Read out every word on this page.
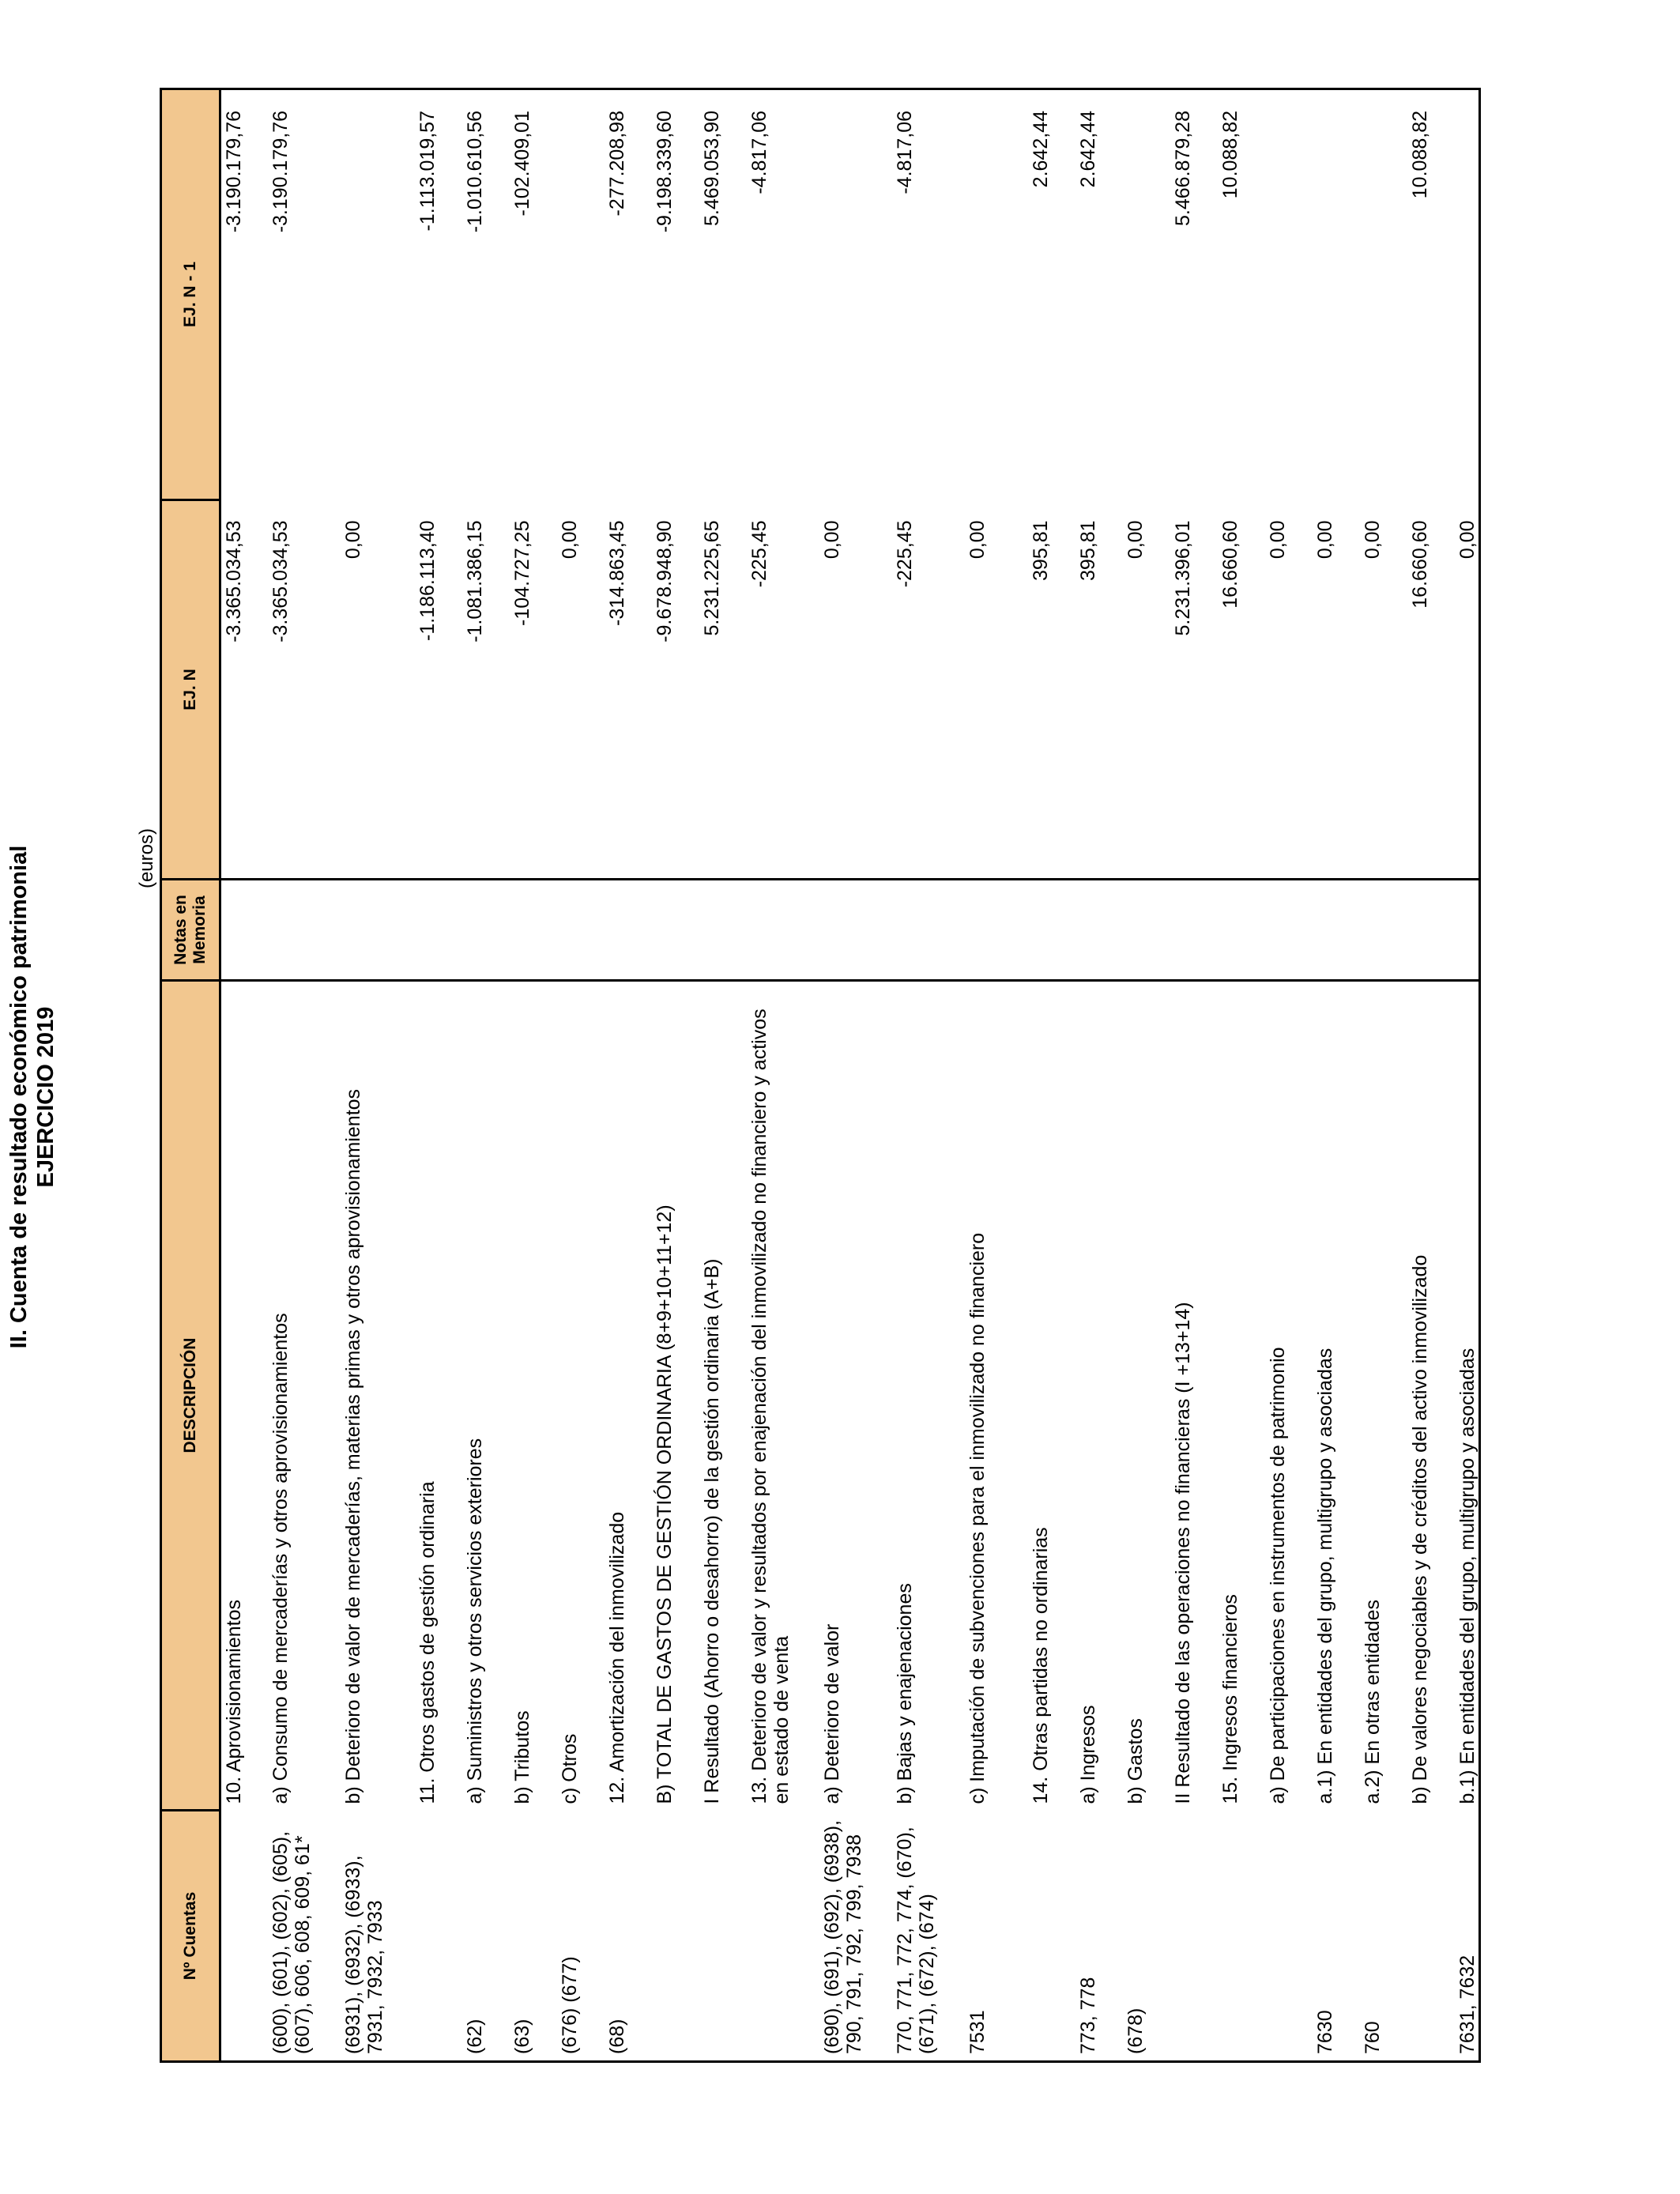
II. Cuenta de resultado económico patrimonial EJERCICIO 2019
(euros)
Nº Cuentas	DESCRIPCIÓN	Notas en Memoria	EJ. N	EJ. N - 1
	10. Aprovisionamientos		-3.365.034,53	-3.190.179,76
(600), (601), (602), (605), (607), 606, 608, 609, 61*	a) Consumo de mercaderías y otros aprovisionamientos		-3.365.034,53	-3.190.179,76
(6931), (6932), (6933), 7931, 7932, 7933	b) Deterioro de valor de mercaderías, materias primas y otros aprovisionamientos		0,00	
	11. Otros gastos de gestión ordinaria		-1.186.113,40	-1.113.019,57
(62)	a) Suministros y otros servicios exteriores		-1.081.386,15	-1.010.610,56
(63)	b) Tributos		-104.727,25	-102.409,01
(676) (677)	c) Otros		0,00	
(68)	12. Amortización del inmovilizado		-314.863,45	-277.208,98
	B) TOTAL DE GASTOS DE GESTIÓN ORDINARIA (8+9+10+11+12)		-9.678.948,90	-9.198.339,60
	I Resultado (Ahorro o desahorro) de la gestión ordinaria (A+B)		5.231.225,65	5.469.053,90
	13. Deterioro de valor y resultados por enajenación del inmovilizado no financiero y activos en estado de venta		-225,45	-4.817,06
(690), (691), (692), (6938), 790, 791, 792, 799, 7938	a) Deterioro de valor		0,00	
770, 771, 772, 774, (670), (671), (672), (674)	b) Bajas y enajenaciones		-225,45	-4.817,06
7531	c) Imputación de subvenciones para el inmovilizado no financiero		0,00	
	14. Otras partidas no ordinarias		395,81	2.642,44
773, 778	a) Ingresos		395,81	2.642,44
(678)	b) Gastos		0,00	
	II Resultado de las operaciones no financieras (I +13+14)		5.231.396,01	5.466.879,28
	15. Ingresos financieros		16.660,60	10.088,82
	a) De participaciones en instrumentos de patrimonio		0,00	
7630	a.1) En entidades del grupo, multigrupo y asociadas		0,00	
760	a.2) En otras entidades		0,00	
	b) De valores negociables y de créditos del activo inmovilizado		16.660,60	10.088,82
7631, 7632	b.1) En entidades del grupo, multigrupo y asociadas		0,00	
